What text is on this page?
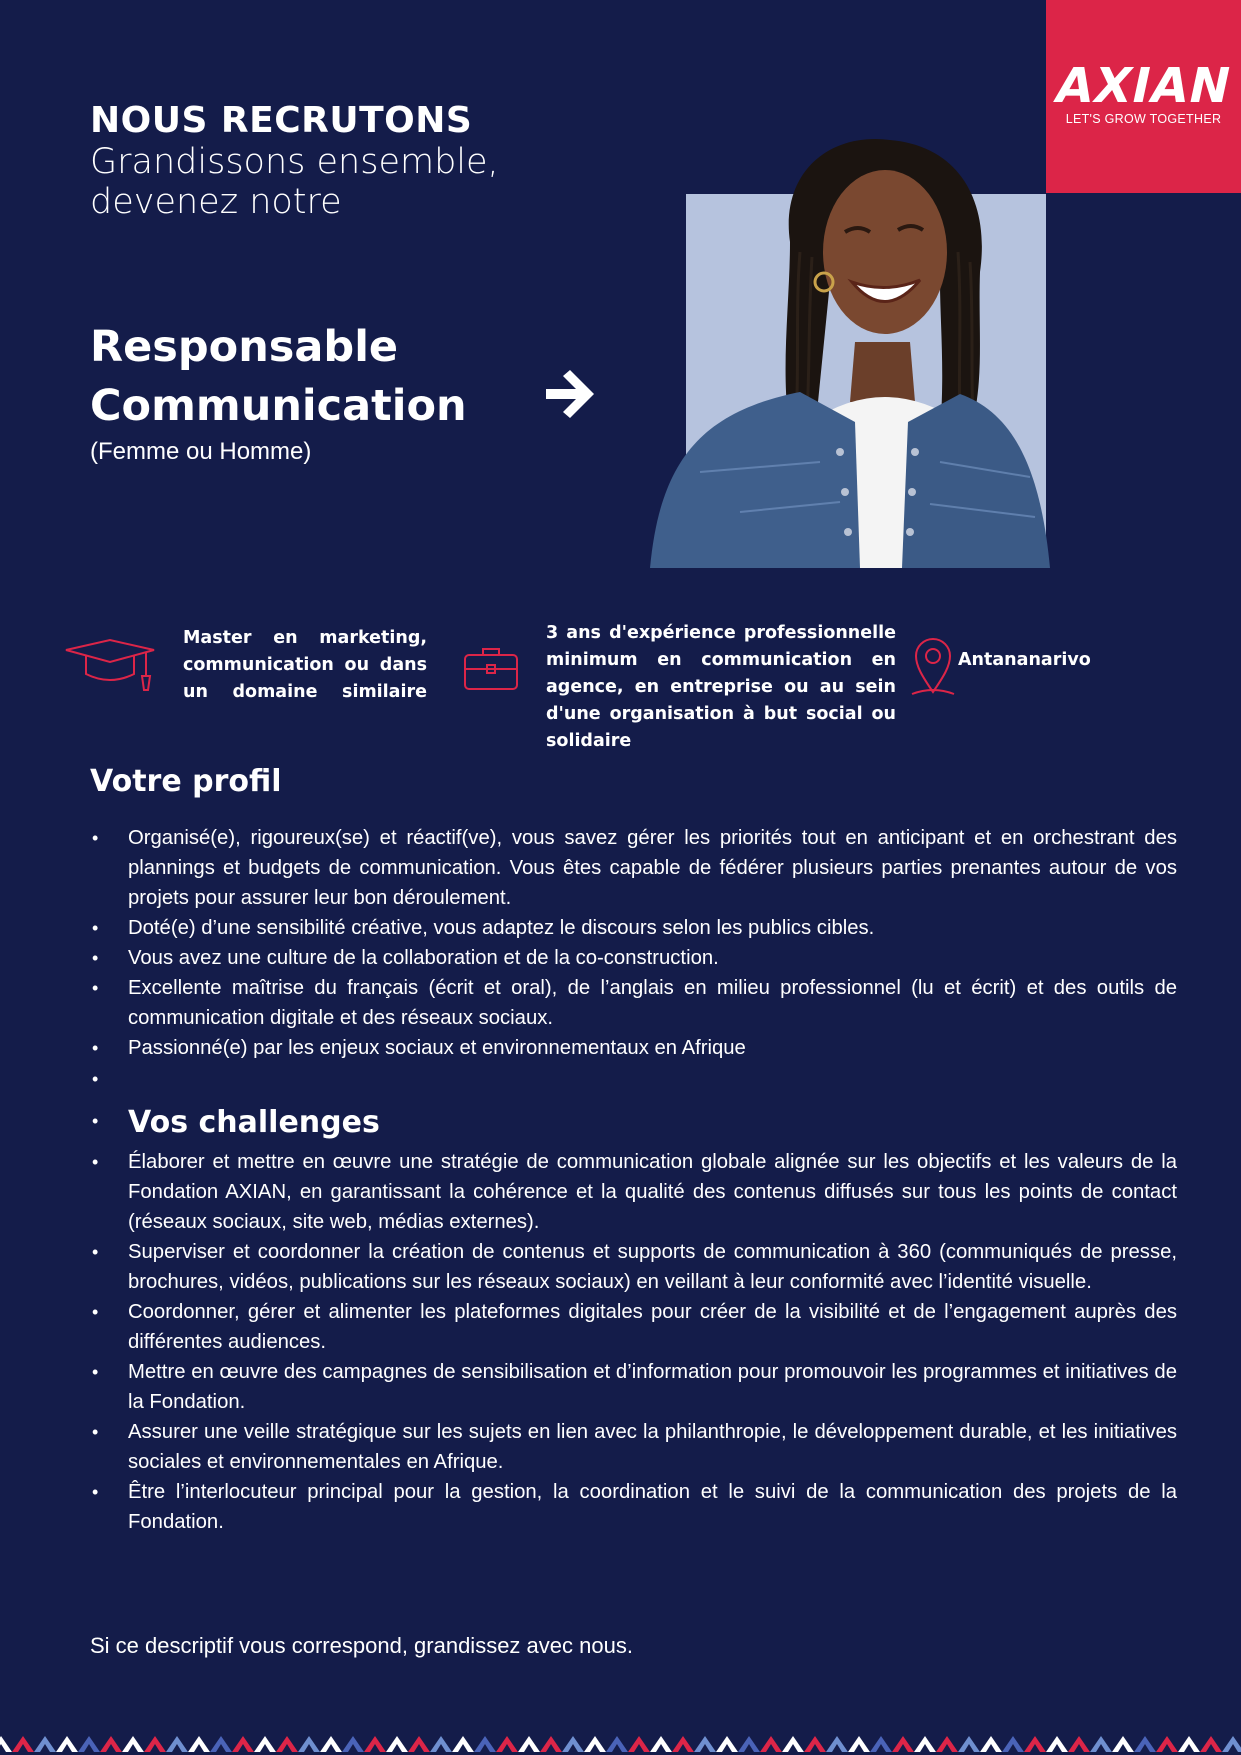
AXIAN
LET'S GROW TOGETHER
NOUS RECRUTONS
Grandissons ensemble,
devenez notre
Responsable
Communication
(Femme ou Homme)
Master en marketing, communication ou dans un domaine similaire
3 ans d'expérience professionnelle minimum en communication en agence, en entreprise ou au sein d'une organisation à but social ou solidaire
Antananarivo
Votre profil
• Organisé(e), rigoureux(se) et réactif(ve), vous savez gérer les priorités tout en anticipant et en orchestrant des plannings et budgets de communication. Vous êtes capable de fédérer plusieurs parties prenantes autour de vos projets pour assurer leur bon déroulement.
• Doté(e) d’une sensibilité créative, vous adaptez le discours selon les publics cibles.
• Vous avez une culture de la collaboration et de la co-construction.
• Excellente maîtrise du français (écrit et oral), de l’anglais en milieu professionnel (lu et écrit) et des outils de communication digitale et des réseaux sociaux.
• Passionné(e) par les enjeux sociaux et environnementaux en Afrique
•
• Vos challenges
• Élaborer et mettre en œuvre une stratégie de communication globale alignée sur les objectifs et les valeurs de la Fondation AXIAN, en garantissant la cohérence et la qualité des contenus diffusés sur tous les points de contact (réseaux sociaux, site web, médias externes).
• Superviser et coordonner la création de contenus et supports de communication à 360 (communiqués de presse, brochures, vidéos, publications sur les réseaux sociaux) en veillant à leur conformité avec l’identité visuelle.
• Coordonner, gérer et alimenter les plateformes digitales pour créer de la visibilité et de l’engagement auprès des différentes audiences.
• Mettre en œuvre des campagnes de sensibilisation et d’information pour promouvoir les programmes et initiatives de la Fondation.
• Assurer une veille stratégique sur les sujets en lien avec la philanthropie, le développement durable, et les initiatives sociales et environnementales en Afrique.
• Être l’interlocuteur principal pour la gestion, la coordination et le suivi de la communication des projets de la Fondation.
Si ce descriptif vous correspond, grandissez avec nous.
